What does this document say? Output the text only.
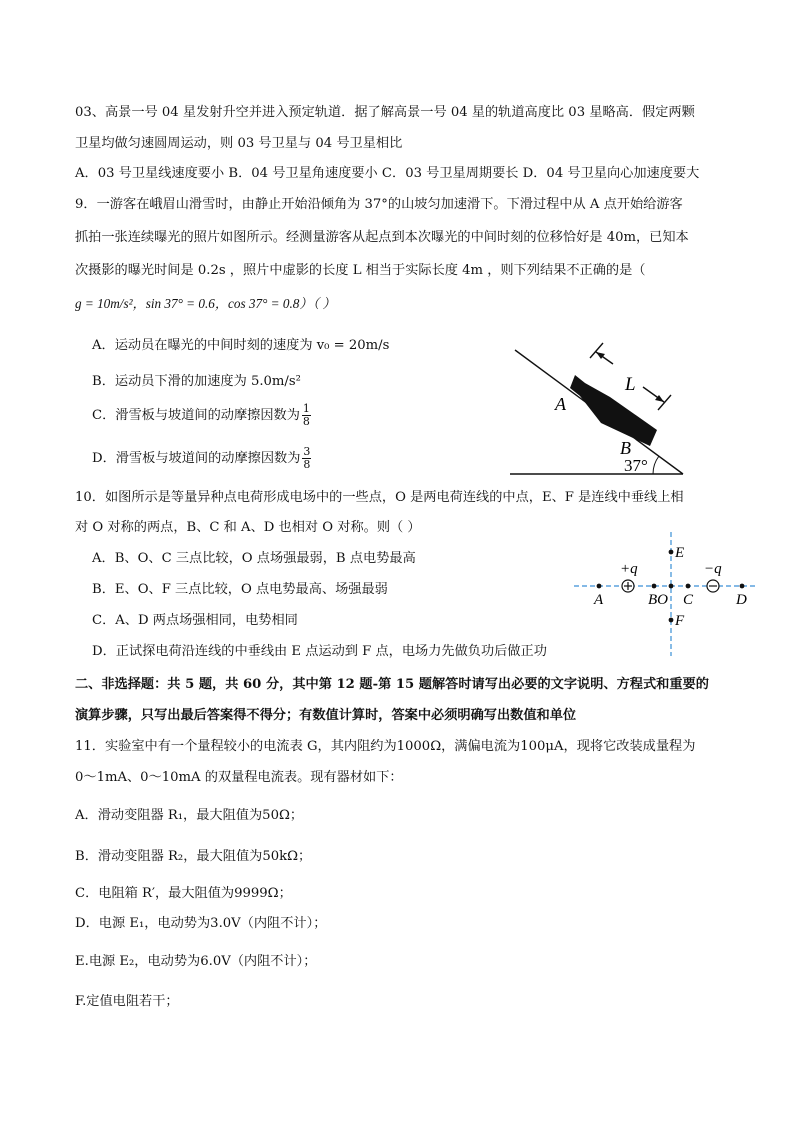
03、高景一号 04 星发射升空并进入预定轨道．据了解高景一号 04 星的轨道高度比 03 星略高．假定两颗
卫星均做匀速圆周运动，则 03 号卫星与 04 号卫星相比
A．03 号卫星线速度要小 B．04 号卫星角速度要小 C．03 号卫星周期要长 D．04 号卫星向心加速度要大
9．一游客在峨眉山滑雪时，由静止开始沿倾角为 37°的山坡匀加速滑下。下滑过程中从 A 点开始给游客
抓拍一张连续曝光的照片如图所示。经测量游客从起点到本次曝光的中间时刻的位移恰好是 40m，已知本
次摄影的曝光时间是 0.2s ，照片中虚影的长度 L 相当于实际长度 4m ，则下列结果不正确的是（
g = 10m/s²，sin 37° = 0.6，cos 37° = 0.8）（ ）
A．运动员在曝光的中间时刻的速度为 v₀ = 20m/s
B．运动员下滑的加速度为 5.0m/s²
C．滑雪板与坡道间的动摩擦因数为 $\frac{1}{8}$
D．滑雪板与坡道间的动摩擦因数为 $\frac{3}{8}$
L
A
B
37°
10．如图所示是等量异种点电荷形成电场中的一些点，O 是两电荷连线的中点，E、F 是连线中垂线上相
对 O 对称的两点，B、C 和 A、D 也相对 O 对称。则（ ）
A．B、O、C 三点比较，O 点场强最弱，B 点电势最高
B．E、O、F 三点比较，O 点电势最高、场强最弱
C．A、D 两点场强相同，电势相同
D．正试探电荷沿连线的中垂线由 E 点运动到 F 点，电场力先做负功后做正功
+q	−q
E
F
A	BO C	D
二、非选择题：共 5 题，共 60 分，其中第 12 题-第 15 题解答时请写出必要的文字说明、方程式和重要的
演算步骤，只写出最后答案得不得分；有数值计算时，答案中必须明确写出数值和单位
11．实验室中有一个量程较小的电流表 G，其内阻约为1000Ω，满偏电流为100μA，现将它改装成量程为
0～1mA、0～10mA 的双量程电流表。现有器材如下：
A．滑动变阻器 R₁，最大阻值为50Ω；
B．滑动变阻器 R₂，最大阻值为50kΩ；
C．电阻箱 R′，最大阻值为9999Ω；
D．电源 E₁，电动势为3.0V（内阻不计）；
E.电源 E₂，电动势为6.0V（内阻不计）；
F.定值电阻若干；
